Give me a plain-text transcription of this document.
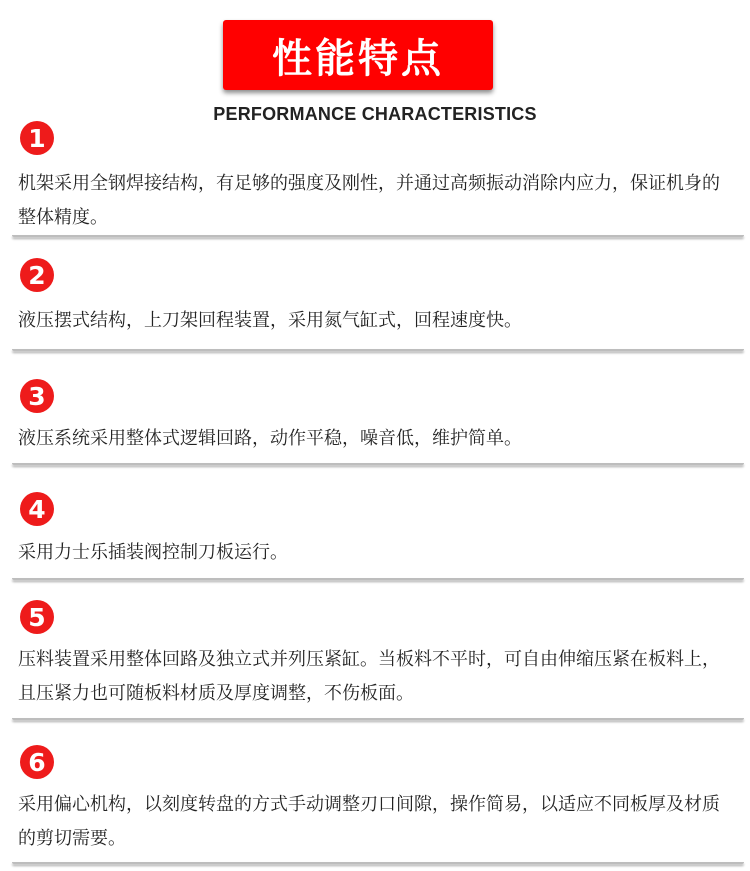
性能特点
PERFORMANCE CHARACTERISTICS
1
机架采用全钢焊接结构，有足够的强度及刚性，并通过高频振动消除内应力，保证机身的整体精度。
2
液压摆式结构，上刀架回程装置，采用氮气缸式，回程速度快。
3
液压系统采用整体式逻辑回路，动作平稳，噪音低，维护简单。
4
采用力士乐插装阀控制刀板运行。
5
压料装置采用整体回路及独立式并列压紧缸。当板料不平时，可自由伸缩压紧在板料上，且压紧力也可随板料材质及厚度调整，不伤板面。
6
采用偏心机构，以刻度转盘的方式手动调整刃口间隙，操作简易，以适应不同板厚及材质的剪切需要。
